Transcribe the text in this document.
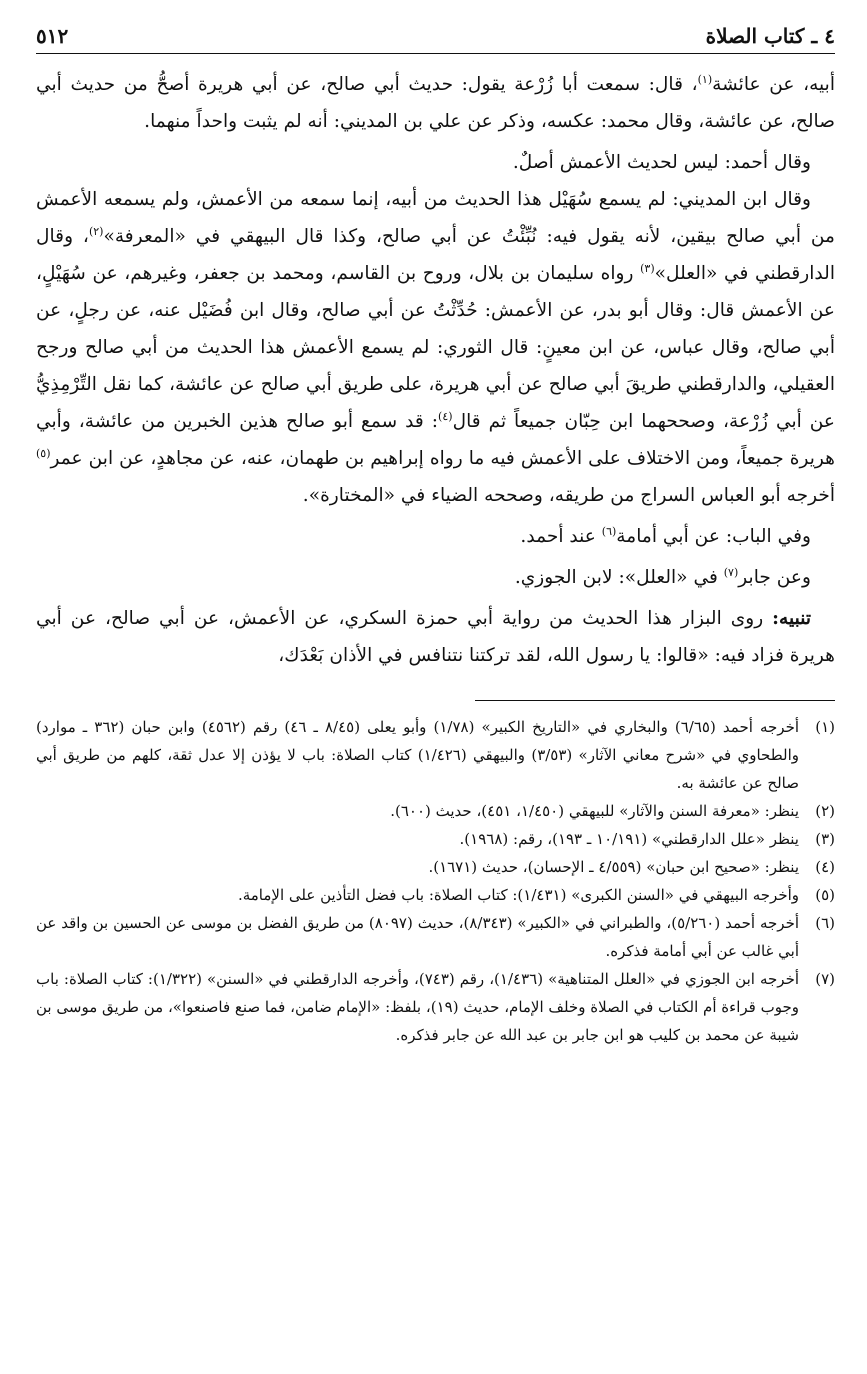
٤ ـ كتاب الصلاة
٥١٢

أبيه، عن عائشة$^{(١)}$، قال: سمعت أبا زُرْعة يقول: حديث أبي صالح، عن أبي هريرة أصحُّ من حديث أبي صالح، عن عائشة، وقال محمد: عكسه، وذكر عن علي بن المديني: أنه لم يثبت واحداً منهما.

وقال أحمد: ليس لحديث الأعمش أصلٌ.

وقال ابن المديني: لم يسمع سُهَيْل هذا الحديث من أبيه، إنما سمعه من الأعمش، ولم يسمعه الأعمش من أبي صالح بيقين، لأنه يقول فيه: نُبِّئْتُ عن أبي صالح، وكذا قال البيهقي في «المعرفة»$^{(٢)}$، وقال الدارقطني في «العلل»$^{(٣)}$ رواه سليمان بن بلال، وروح بن القاسم، ومحمد بن جعفر، وغيرهم، عن سُهَيْلٍ، عن الأعمش قال: وقال أبو بدر، عن الأعمش: حُدِّثْتُ عن أبي صالح، وقال ابن فُضَيْل عنه، عن رجلٍ، عن أبي صالح، وقال عباس، عن ابن معينٍ: قال الثوري: لم يسمع الأعمش هذا الحديث من أبي صالح ورجح العقيلي، والدارقطني طريقَ أبي صالح عن أبي هريرة، على طريق أبي صالح عن عائشة، كما نقل التِّرْمِذِيُّ عن أبي زُرْعة، وصححهما ابن حِبّان جميعاً ثم قال$^{(٤)}$: قد سمع أبو صالح هذين الخبرين من عائشة، وأبي هريرة جميعاً، ومن الاختلاف على الأعمش فيه ما رواه إبراهيم بن طهمان، عنه، عن مجاهدٍ، عن ابن عمر$^{(٥)}$ أخرجه أبو العباس السراج من طريقه، وصححه الضياء في «المختارة».

وفي الباب: عن أبي أمامة$^{(٦)}$ عند أحمد.

وعن جابر$^{(٧)}$ في «العلل»: لابن الجوزي.

تنبيه: روى البزار هذا الحديث من رواية أبي حمزة السكري، عن الأعمش، عن أبي صالح، عن أبي هريرة فزاد فيه: «قالوا: يا رسول الله، لقد تركتنا نتنافس في الأذان بَعْدَك،

(١)
أخرجه أحمد (٦/٦٥) والبخاري في «التاريخ الكبير» (١/٧٨) وأبو يعلى (٨/٤٥ ـ ٤٦) رقم (٤٥٦٢) وابن حبان (٣٦٢ ـ موارد) والطحاوي في «شرح معاني الآثار» (٣/٥٣) والبيهقي (١/٤٢٦) كتاب الصلاة: باب لا يؤذن إلا عدل ثقة، كلهم من طريق أبي صالح عن عائشة به.
(٢)
ينظر: «معرفة السنن والآثار» للبيهقي (١/٤٥٠، ٤٥١)، حديث (٦٠٠).
(٣)
ينظر «علل الدارقطني» (١٠/١٩١ ـ ١٩٣)، رقم: (١٩٦٨).
(٤)
ينظر: «صحيح ابن حبان» (٤/٥٥٩ ـ الإحسان)، حديث (١٦٧١).
(٥)
وأخرجه البيهقي في «السنن الكبرى» (١/٤٣١): كتاب الصلاة: باب فضل التأذين على الإمامة.
(٦)
أخرجه أحمد (٥/٢٦٠)، والطبراني في «الكبير» (٨/٣٤٣)، حديث (٨٠٩٧) من طريق الفضل بن موسى عن الحسين بن واقد عن أبي غالب عن أبي أمامة فذكره.
(٧)
أخرجه ابن الجوزي في «العلل المتناهية» (١/٤٣٦)، رقم (٧٤٣)، وأخرجه الدارقطني في «السنن» (١/٣٢٢): كتاب الصلاة: باب وجوب قراءة أم الكتاب في الصلاة وخلف الإمام، حديث (١٩)، بلفظ: «الإمام ضامن، فما صنع فاصنعوا»، من طريق موسى بن شيبة عن محمد بن كليب هو ابن جابر بن عبد الله عن جابر فذكره.
